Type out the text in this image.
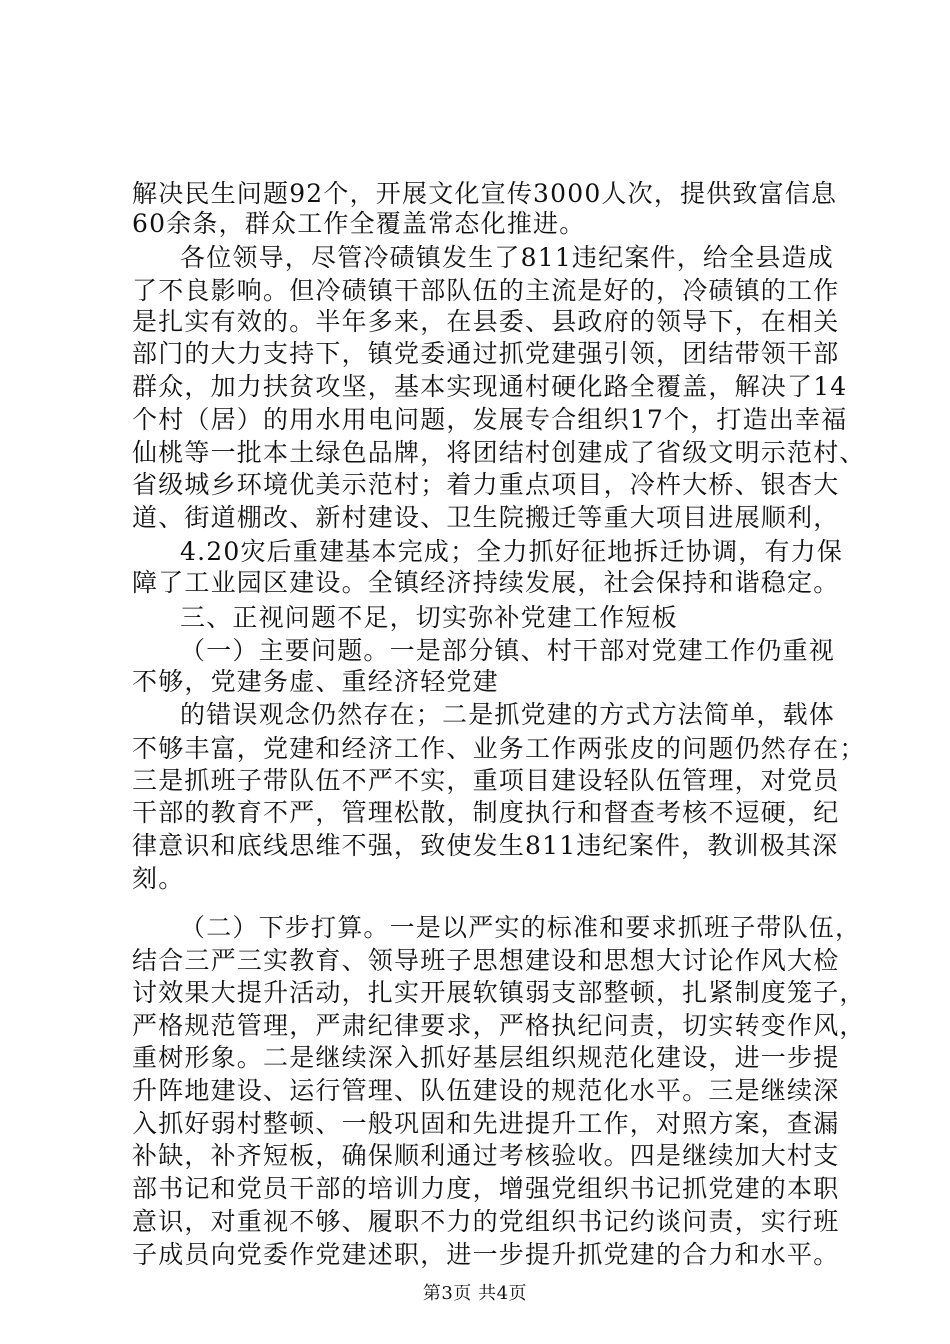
解决民生问题92个，开展文化宣传3000人次，提供致富信息
60余条，群众工作全覆盖常态化推进。
各位领导，尽管冷碛镇发生了811违纪案件，给全县造成
了不良影响。但冷碛镇干部队伍的主流是好的，冷碛镇的工作
是扎实有效的。半年多来，在县委、县政府的领导下，在相关
部门的大力支持下，镇党委通过抓党建强引领，团结带领干部
群众，加力扶贫攻坚，基本实现通村硬化路全覆盖，解决了14
个村（居）的用水用电问题，发展专合组织17个，打造出幸福
仙桃等一批本土绿色品牌，将团结村创建成了省级文明示范村、
省级城乡环境优美示范村；着力重点项目，冷杵大桥、银杏大
道、街道棚改、新村建设、卫生院搬迁等重大项目进展顺利，
4.20灾后重建基本完成；全力抓好征地拆迁协调，有力保
障了工业园区建设。全镇经济持续发展，社会保持和谐稳定。
三、正视问题不足，切实弥补党建工作短板
（一）主要问题。一是部分镇、村干部对党建工作仍重视
不够，党建务虚、重经济轻党建
的错误观念仍然存在；二是抓党建的方式方法简单，载体
不够丰富，党建和经济工作、业务工作两张皮的问题仍然存在；
三是抓班子带队伍不严不实，重项目建设轻队伍管理，对党员
干部的教育不严，管理松散，制度执行和督查考核不逗硬，纪
律意识和底线思维不强，致使发生811违纪案件，教训极其深
刻。
（二）下步打算。一是以严实的标准和要求抓班子带队伍，
结合三严三实教育、领导班子思想建设和思想大讨论作风大检
讨效果大提升活动，扎实开展软镇弱支部整顿，扎紧制度笼子，
严格规范管理，严肃纪律要求，严格执纪问责，切实转变作风，
重树形象。二是继续深入抓好基层组织规范化建设，进一步提
升阵地建设、运行管理、队伍建设的规范化水平。三是继续深
入抓好弱村整顿、一般巩固和先进提升工作，对照方案，查漏
补缺，补齐短板，确保顺利通过考核验收。四是继续加大村支
部书记和党员干部的培训力度，增强党组织书记抓党建的本职
意识，对重视不够、履职不力的党组织书记约谈问责，实行班
子成员向党委作党建述职，进一步提升抓党建的合力和水平。
第3页 共4页
